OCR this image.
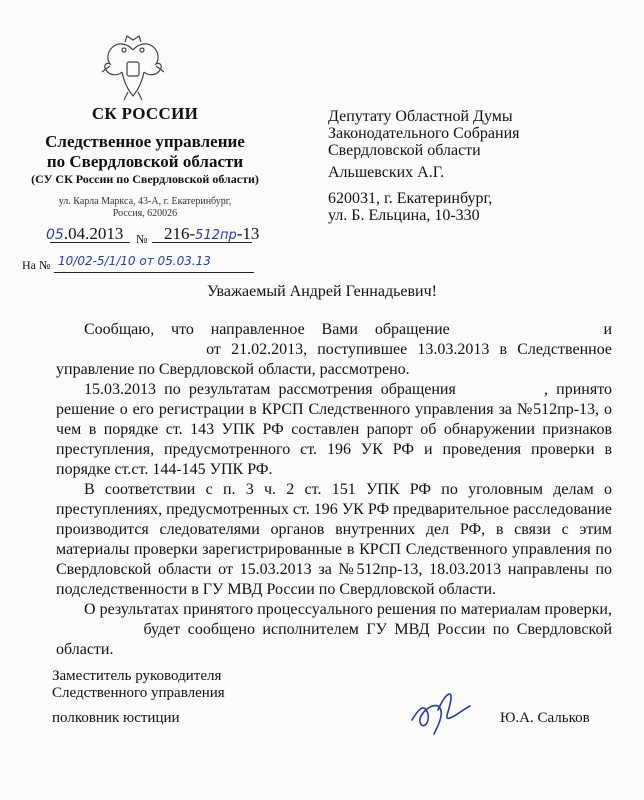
СК РОССИИ
Следственное управление
по Свердловской области
(СУ СК России по Свердловской области)
ул. Карла Маркса, 43-А, г. Екатеринбург,
Россия, 620026
05.04.2013 № 216-512пр-13
На № 10/02-5/1/10 от 05.03.13
Депутату Областной Думы
Законодательного Собрания
Свердловской области
Альшевских А.Г.
620031, г. Екатеринбург,
ул. Б. Ельцина, 10-330
Уважаемый Андрей Геннадьевич!

Сообщаю, что направленное Вами обращение	и  от 21.02.2013, поступившее 13.03.2013 в Следственное управление по Свердловской области, рассмотрено.

15.03.2013 по результатам рассмотрения обращения	, принято решение о его регистрации в КРСП Следственного управления за №512пр-13, о чем в порядке ст. 143 УПК РФ составлен рапорт об обнаружении признаков преступления, предусмотренного ст. 196 УК РФ и проведения проверки в порядке ст.ст. 144-145 УПК РФ.

В соответствии с п. 3 ч. 2 ст. 151 УПК РФ по уголовным делам о преступлениях, предусмотренных ст. 196 УК РФ предварительное расследование производится следователями органов внутренних дел РФ, в связи с этим материалы проверки зарегистрированные в КРСП Следственного управления по Свердловской области от 15.03.2013 за №512пр-13, 18.03.2013 направлены по подследственности в ГУ МВД России по Свердловской области.

О результатах принятого процессуального решения по материалам проверки,  будет сообщено исполнителем ГУ МВД России по Свердловской области.

Заместитель руководителя
Следственного управления
полковник юстиции	Ю.А. Сальков
